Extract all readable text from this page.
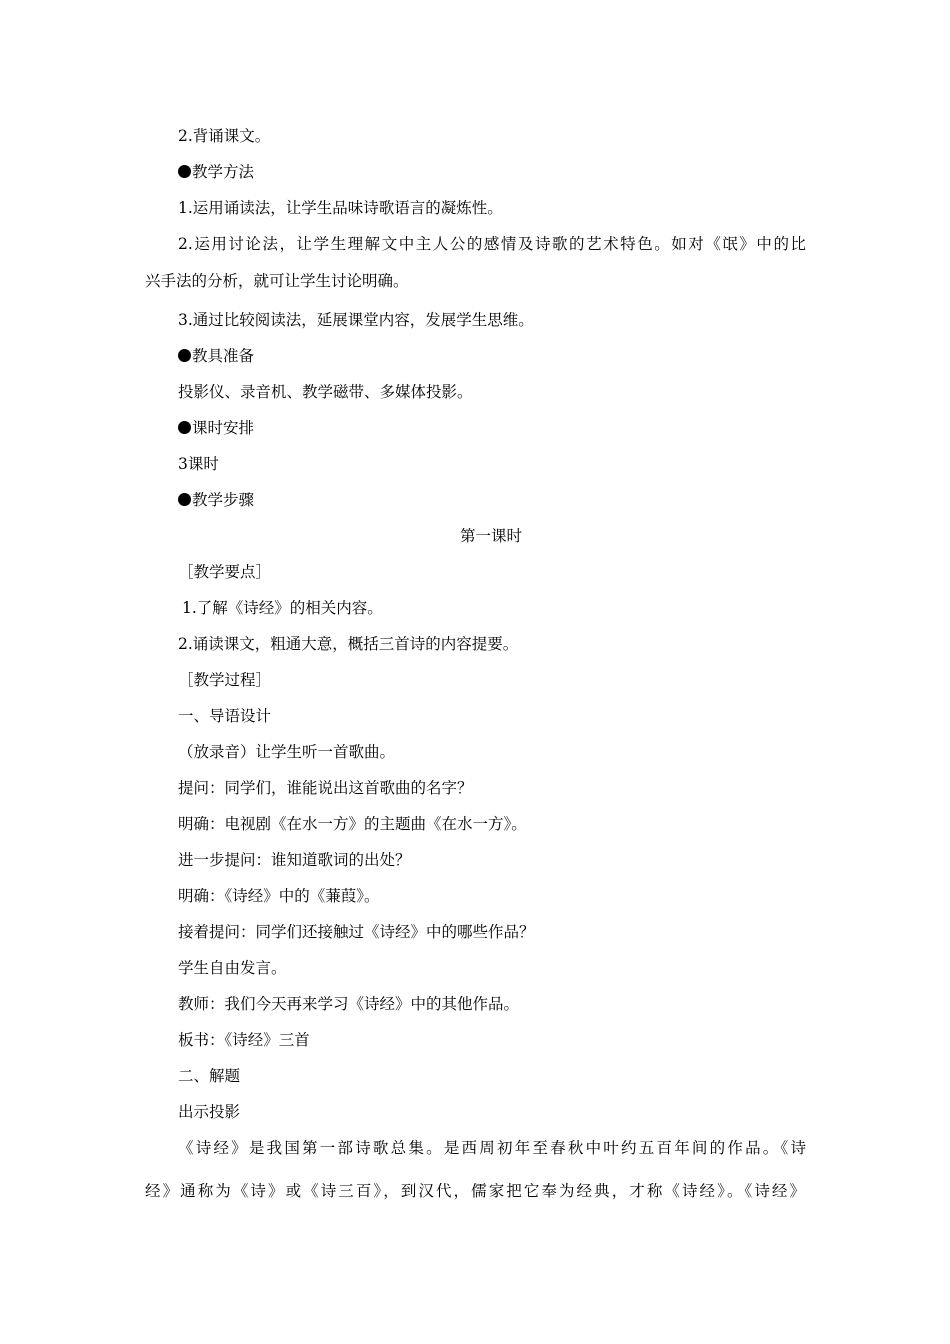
2.背诵课文。
教学方法
1.运用诵读法，让学生品味诗歌语言的凝炼性。
2.运用讨论法，让学生理解文中主人公的感情及诗歌的艺术特色。如对《氓》中的比
兴手法的分析，就可让学生讨论明确。
3.通过比较阅读法，延展课堂内容，发展学生思维。
教具准备
投影仪、录音机、教学磁带、多媒体投影。
课时安排
3课时
教学步骤
第一课时
［教学要点］
1.了解《诗经》的相关内容。
2.诵读课文，粗通大意，概括三首诗的内容提要。
［教学过程］
一、导语设计
（放录音）让学生听一首歌曲。
提问：同学们，谁能说出这首歌曲的名字？
明确：电视剧《在水一方》的主题曲《在水一方》。
进一步提问：谁知道歌词的出处？
明确：《诗经》中的《蒹葭》。
接着提问：同学们还接触过《诗经》中的哪些作品？
学生自由发言。
教师：我们今天再来学习《诗经》中的其他作品。
板书：《诗经》三首
二、解题
出示投影
《诗经》是我国第一部诗歌总集。是西周初年至春秋中叶约五百年间的作品。《诗
经》通称为《诗》或《诗三百》，到汉代，儒家把它奉为经典，才称《诗经》。《诗经》
